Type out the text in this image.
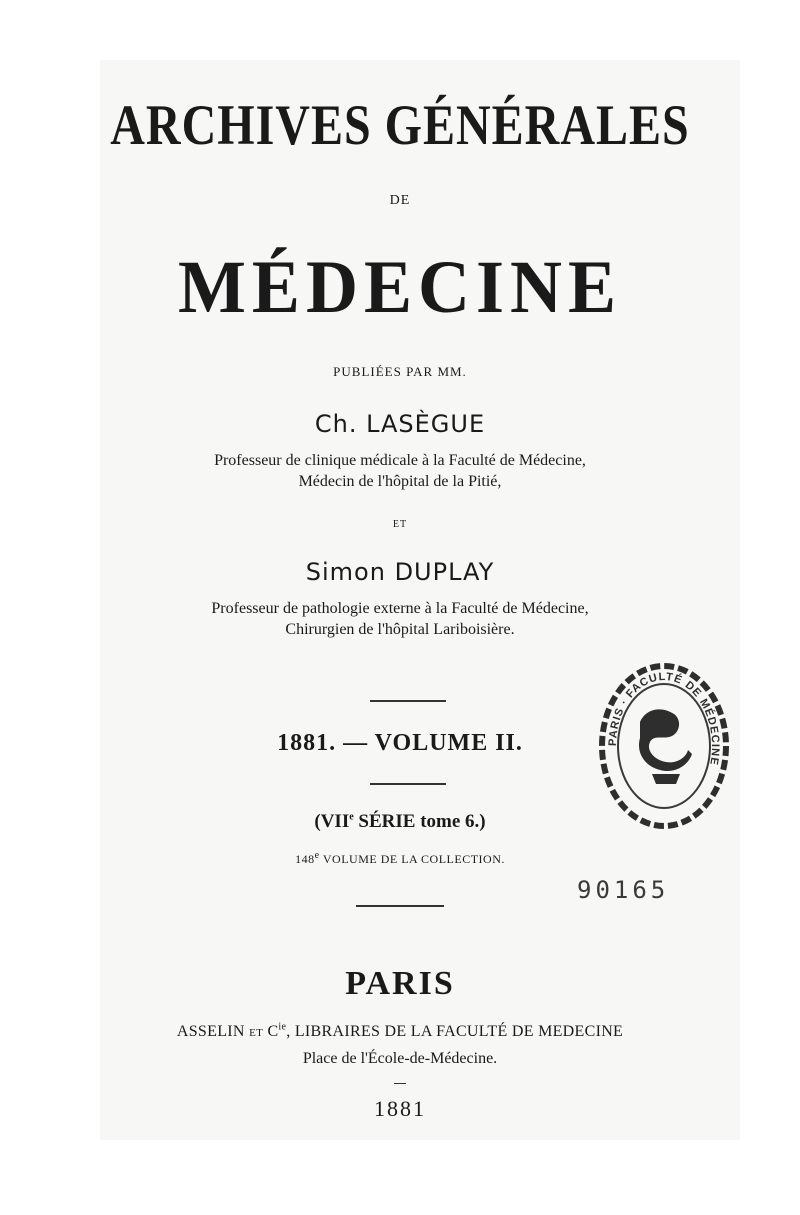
ARCHIVES GÉNÉRALES
DE
MÉDECINE
PUBLIÉES PAR MM.
Ch. LASÈGUE
Professeur de clinique médicale à la Faculté de Médecine,
Médecin de l'hôpital de la Pitié,
ET
Simon DUPLAY
Professeur de pathologie externe à la Faculté de Médecine,
Chirurgien de l'hôpital Lariboisière.
1881. — VOLUME II.
(VIIe SÉRIE tome 6.)
148e VOLUME DE LA COLLECTION.
PARIS
ASSELIN ET $C^{ie}$, LIBRAIRES DE LA FACULTÉ DE MEDECINE
Place de l'École-de-Médecine.
1881
90165
PARIS · FACULTÉ DE MÉDECINE
